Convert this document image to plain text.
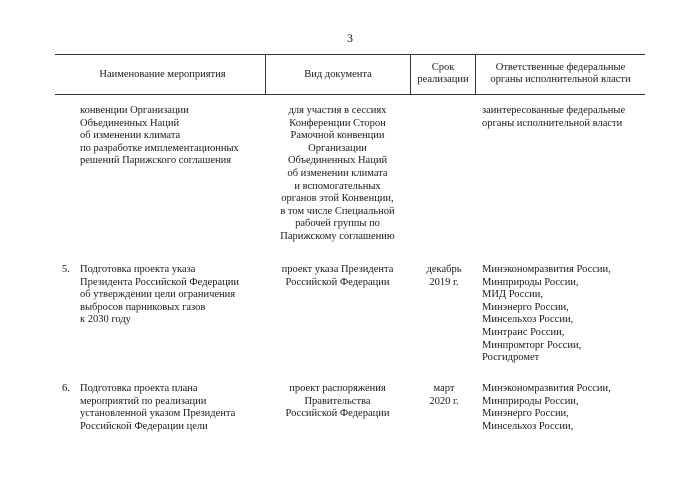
3
Наименование мероприятия	Вид документа
Срок
реализации
Ответственные федеральные
органы исполнительной власти
конвенции Организации
Объединенных Наций
об изменении климата
по разработке имплементационных
решений Парижского соглашения
для участия в сессиях
Конференции Сторон
Рамочной конвенции
Организации
Объединенных Наций
об изменении климата
и вспомогательных
органов этой Конвенции,
в том числе Специальной
рабочей группы по
Парижскому соглашению
заинтересованные федеральные
органы исполнительной власти
5. Подготовка проекта указа
Президента Российской Федерации
об утверждении цели ограничения
выбросов парниковых газов
к 2030 году
проект указа Президента
Российской Федерации
декабрь
2019 г.
Минэкономразвития России,
Минприроды России,
МИД России,
Минэнерго России,
Минсельхоз России,
Минтранс России,
Минпромторг России,
Росгидромет
6. Подготовка проекта плана
мероприятий по реализации
установленной указом Президента
Российской Федерации цели
проект распоряжения
Правительства
Российской Федерации
март
2020 г.
Минэкономразвития России,
Минприроды России,
Минэнерго России,
Минсельхоз России,
